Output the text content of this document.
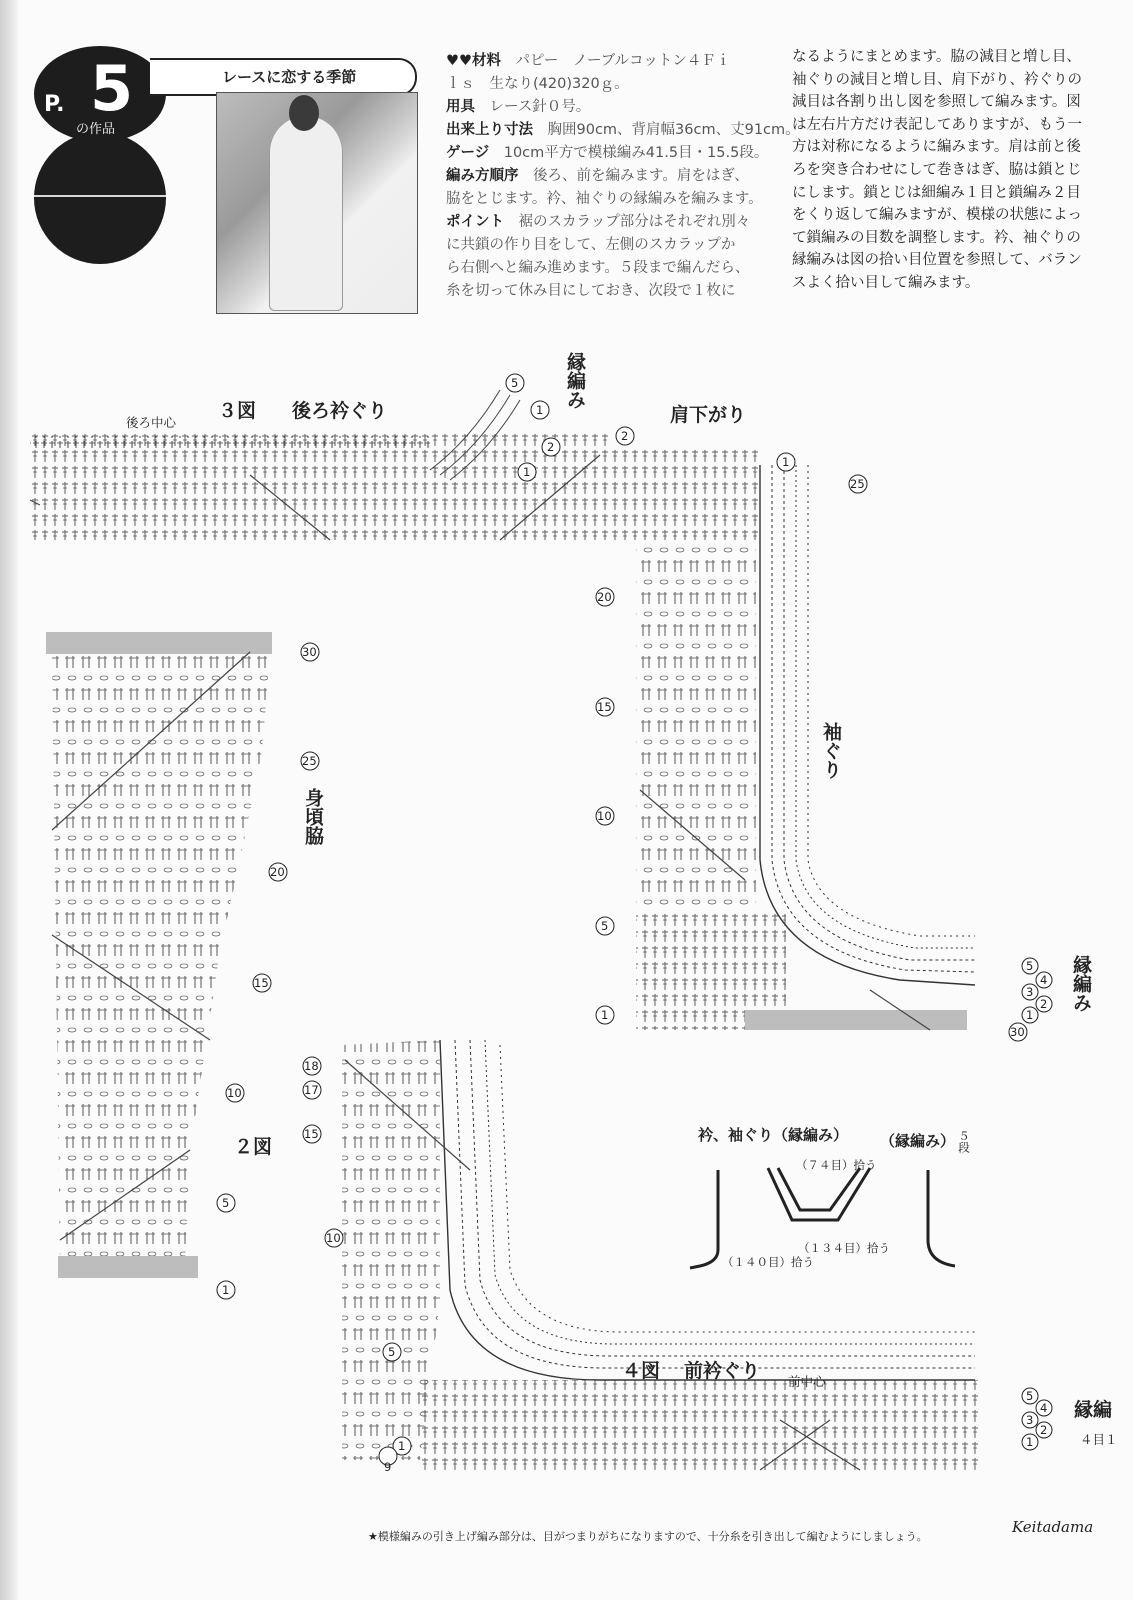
P. 5
の作品
レースに恋する季節
♥♥材料　 パピー　ノーブルコットン４Ｆｉ
ｌｓ　生なり(420)320ｇ。
用具　 レース針０号。
出来上り寸法　 胸囲90cm、背肩幅36cm、丈91cm。
ゲージ　 10cm平方で模様編み41.5目・15.5段。
編み方順序　 後ろ、前を編みます。肩をはぎ、
脇をとじます。衿、袖ぐりの縁編みを編みます。
ポイント　 裾のスカラップ部分はそれぞれ別々
に共鎖の作り目をして、左側のスカラップか
ら右側へと編み進めます。５段まで編んだら、
糸を切って休み目にしておき、次段で１枚に
なるようにまとめます。脇の減目と増し目、
袖ぐりの減目と増し目、肩下がり、衿ぐりの
減目は各割り出し図を参照して編みます。図
は左右片方だけ表記してありますが、もう一
方は対称になるように編みます。肩は前と後
ろを突き合わせにして巻きはぎ、脇は鎖とじ
にします。鎖とじは細編み１目と鎖編み２目
をくり返して編みますが、模様の状態によっ
て鎖編みの目数を調整します。衿、袖ぐりの
縁編みは図の拾い目位置を参照して、バラン
スよく拾い目して編みます。
5
1
2
2
1
1
25
20
15
10
5
1
30
5
4
3
2
1
30
25
20
15
10
5
1
18
17
15
10
5
1
9
5
4
3
2
1
３図 後ろ衿ぐり
後ろ中心	肩下がり
縁編み
袖ぐり
縁編み
身頃脇
２図
４図 前衿ぐり 前中心
縁編
４目１
衿、袖ぐり（縁編み） （縁編み） ５段
（７４目）拾う
（１３４目）拾う
（１４０目）拾う
★模様編みの引き上げ編み部分は、目がつまりがちになりますので、十分糸を引き出して編むようにしましょう。
Keitadama
